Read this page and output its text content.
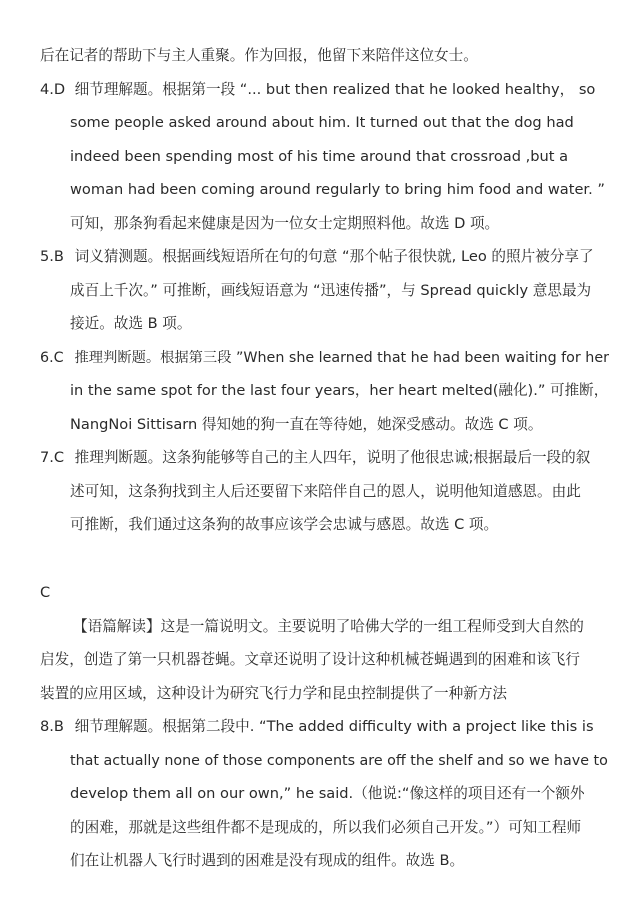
后在记者的帮助下与主人重聚。作为回报，他留下来陪伴这位女士。
4.D 细节理解题。根据第一段 “... but then realized that he looked healthy， so
some people asked around about him. It turned out that the dog had
indeed been spending most of his time around that crossroad ,but a
woman had been coming around regularly to bring him food and water. ”
可知，那条狗看起来健康是因为一位女士定期照料他。故选 D 项。
5.B 词义猜测题。根据画线短语所在句的句意 “那个帖子很快就, Leo 的照片被分享了
成百上千次。” 可推断，画线短语意为 “迅速传播”，与 Spread quickly 意思最为
接近。故选 B 项。
6.C 推理判断题。根据第三段 ”When she learned that he had been waiting for her
in the same spot for the last four years，her heart melted(融化).” 可推断，
NangNoi Sittisarn 得知她的狗一直在等待她，她深受感动。故选 C 项。
7.C 推理判断题。这条狗能够等自己的主人四年，说明了他很忠诚;根据最后一段的叙
述可知，这条狗找到主人后还要留下来陪伴自己的恩人，说明他知道感恩。由此
可推断，我们通过这条狗的故事应该学会忠诚与感恩。故选 C 项。
C
【语篇解读】这是一篇说明文。主要说明了哈佛大学的一组工程师受到大自然的
启发，创造了第一只机器苍蝇。文章还说明了设计这种机械苍蝇遇到的困难和该飞行
装置的应用区域，这种设计为研究飞行力学和昆虫控制提供了一种新方法
8.B 细节理解题。根据第二段中. “The added difficulty with a project like this is
that actually none of those components are off the shelf and so we have to
develop them all on our own,” he said.（他说:“像这样的项目还有一个额外
的困难，那就是这些组件都不是现成的，所以我们必须自己开发。”）可知工程师
们在让机器人飞行时遇到的困难是没有现成的组件。故选 B。
